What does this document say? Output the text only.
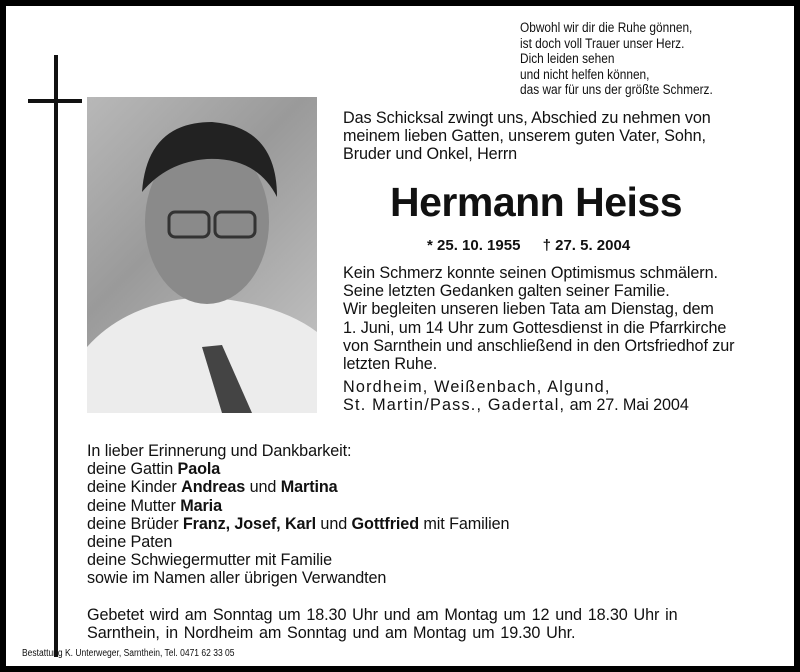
Obwohl wir dir die Ruhe gönnen,
ist doch voll Trauer unser Herz.
Dich leiden sehen
und nicht helfen können,
das war für uns der größte Schmerz.
Das Schicksal zwingt uns, Abschied zu nehmen von
meinem lieben Gatten, unserem guten Vater, Sohn,
Bruder und Onkel, Herrn
Hermann Heiss
* 25. 10. 1955 † 27. 5. 2004
Kein Schmerz konnte seinen Optimismus schmälern.
Seine letzten Gedanken galten seiner Familie.
Wir begleiten unseren lieben Tata am Dienstag, dem
1. Juni, um 14 Uhr zum Gottesdienst in die Pfarrkirche
von Sarnthein und anschließend in den Ortsfriedhof zur
letzten Ruhe.
Nordheim, Weißenbach, Algund,
St. Martin/Pass., Gadertal, am 27. Mai 2004
In lieber Erinnerung und Dankbarkeit:
deine Gattin Paola
deine Kinder Andreas und Martina
deine Mutter Maria
deine Brüder Franz, Josef, Karl und Gottfried mit Familien
deine Paten
deine Schwiegermutter mit Familie
sowie im Namen aller übrigen Verwandten
Gebetet wird am Sonntag um 18.30 Uhr und am Montag um 12 und 18.30 Uhr in
Sarnthein, in Nordheim am Sonntag und am Montag um 19.30 Uhr.
Bestattung K. Unterweger, Sarnthein, Tel. 0471 62 33 05
